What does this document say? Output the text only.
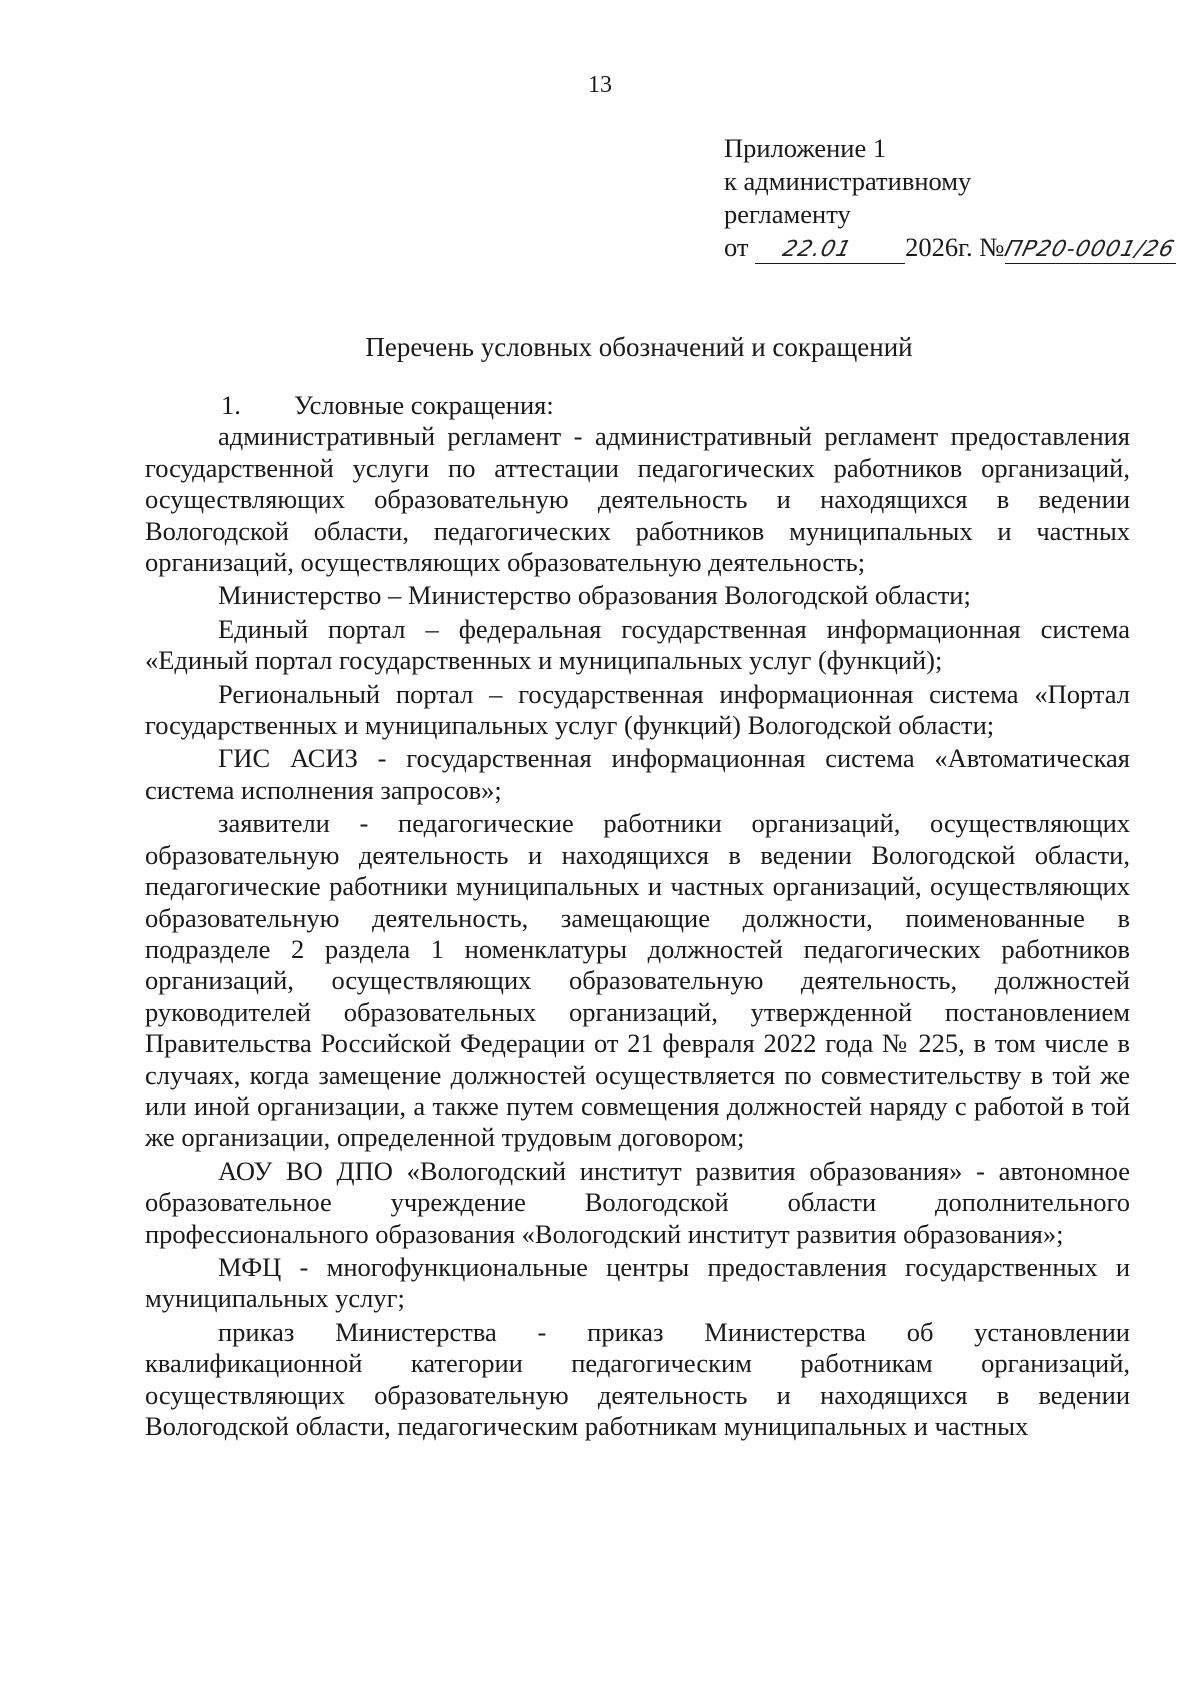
13
Приложение 1
к административному
регламенту
от 22.01 2026г. №ПР20-0001/26
Перечень условных обозначений и сокращений
1. Условные сокращения:

административный регламент - административный регламент предоставления государственной услуги по аттестации педагогических работников организаций, осуществляющих образовательную деятельность и находящихся в ведении Вологодской области, педагогических работников муниципальных и частных организаций, осуществляющих образовательную деятельность;

Министерство – Министерство образования Вологодской области;

Единый портал – федеральная государственная информационная система «Единый портал государственных и муниципальных услуг (функций);

Региональный портал – государственная информационная система «Портал государственных и муниципальных услуг (функций) Вологодской области;

ГИС АСИЗ - государственная информационная система «Автоматическая система исполнения запросов»;

заявители - педагогические работники организаций, осуществляющих образовательную деятельность и находящихся в ведении Вологодской области, педагогические работники муниципальных и частных организаций, осуществляющих образовательную деятельность, замещающие должности, поименованные в подразделе 2 раздела 1 номенклатуры должностей педагогических работников организаций, осуществляющих образовательную деятельность, должностей руководителей образовательных организаций, утвержденной постановлением Правительства Российской Федерации от 21 февраля 2022 года № 225, в том числе в случаях, когда замещение должностей осуществляется по совместительству в той же или иной организации, а также путем совмещения должностей наряду с работой в той же организации, определенной трудовым договором;

АОУ ВО ДПО «Вологодский институт развития образования» - автономное образовательное учреждение Вологодской области дополнительного профессионального образования «Вологодский институт развития образования»;

МФЦ - многофункциональные центры предоставления государственных и муниципальных услуг;

приказ Министерства - приказ Министерства об установлении квалификационной категории педагогическим работникам организаций, осуществляющих образовательную деятельность и находящихся в ведении Вологодской области, педагогическим работникам муниципальных и частных
